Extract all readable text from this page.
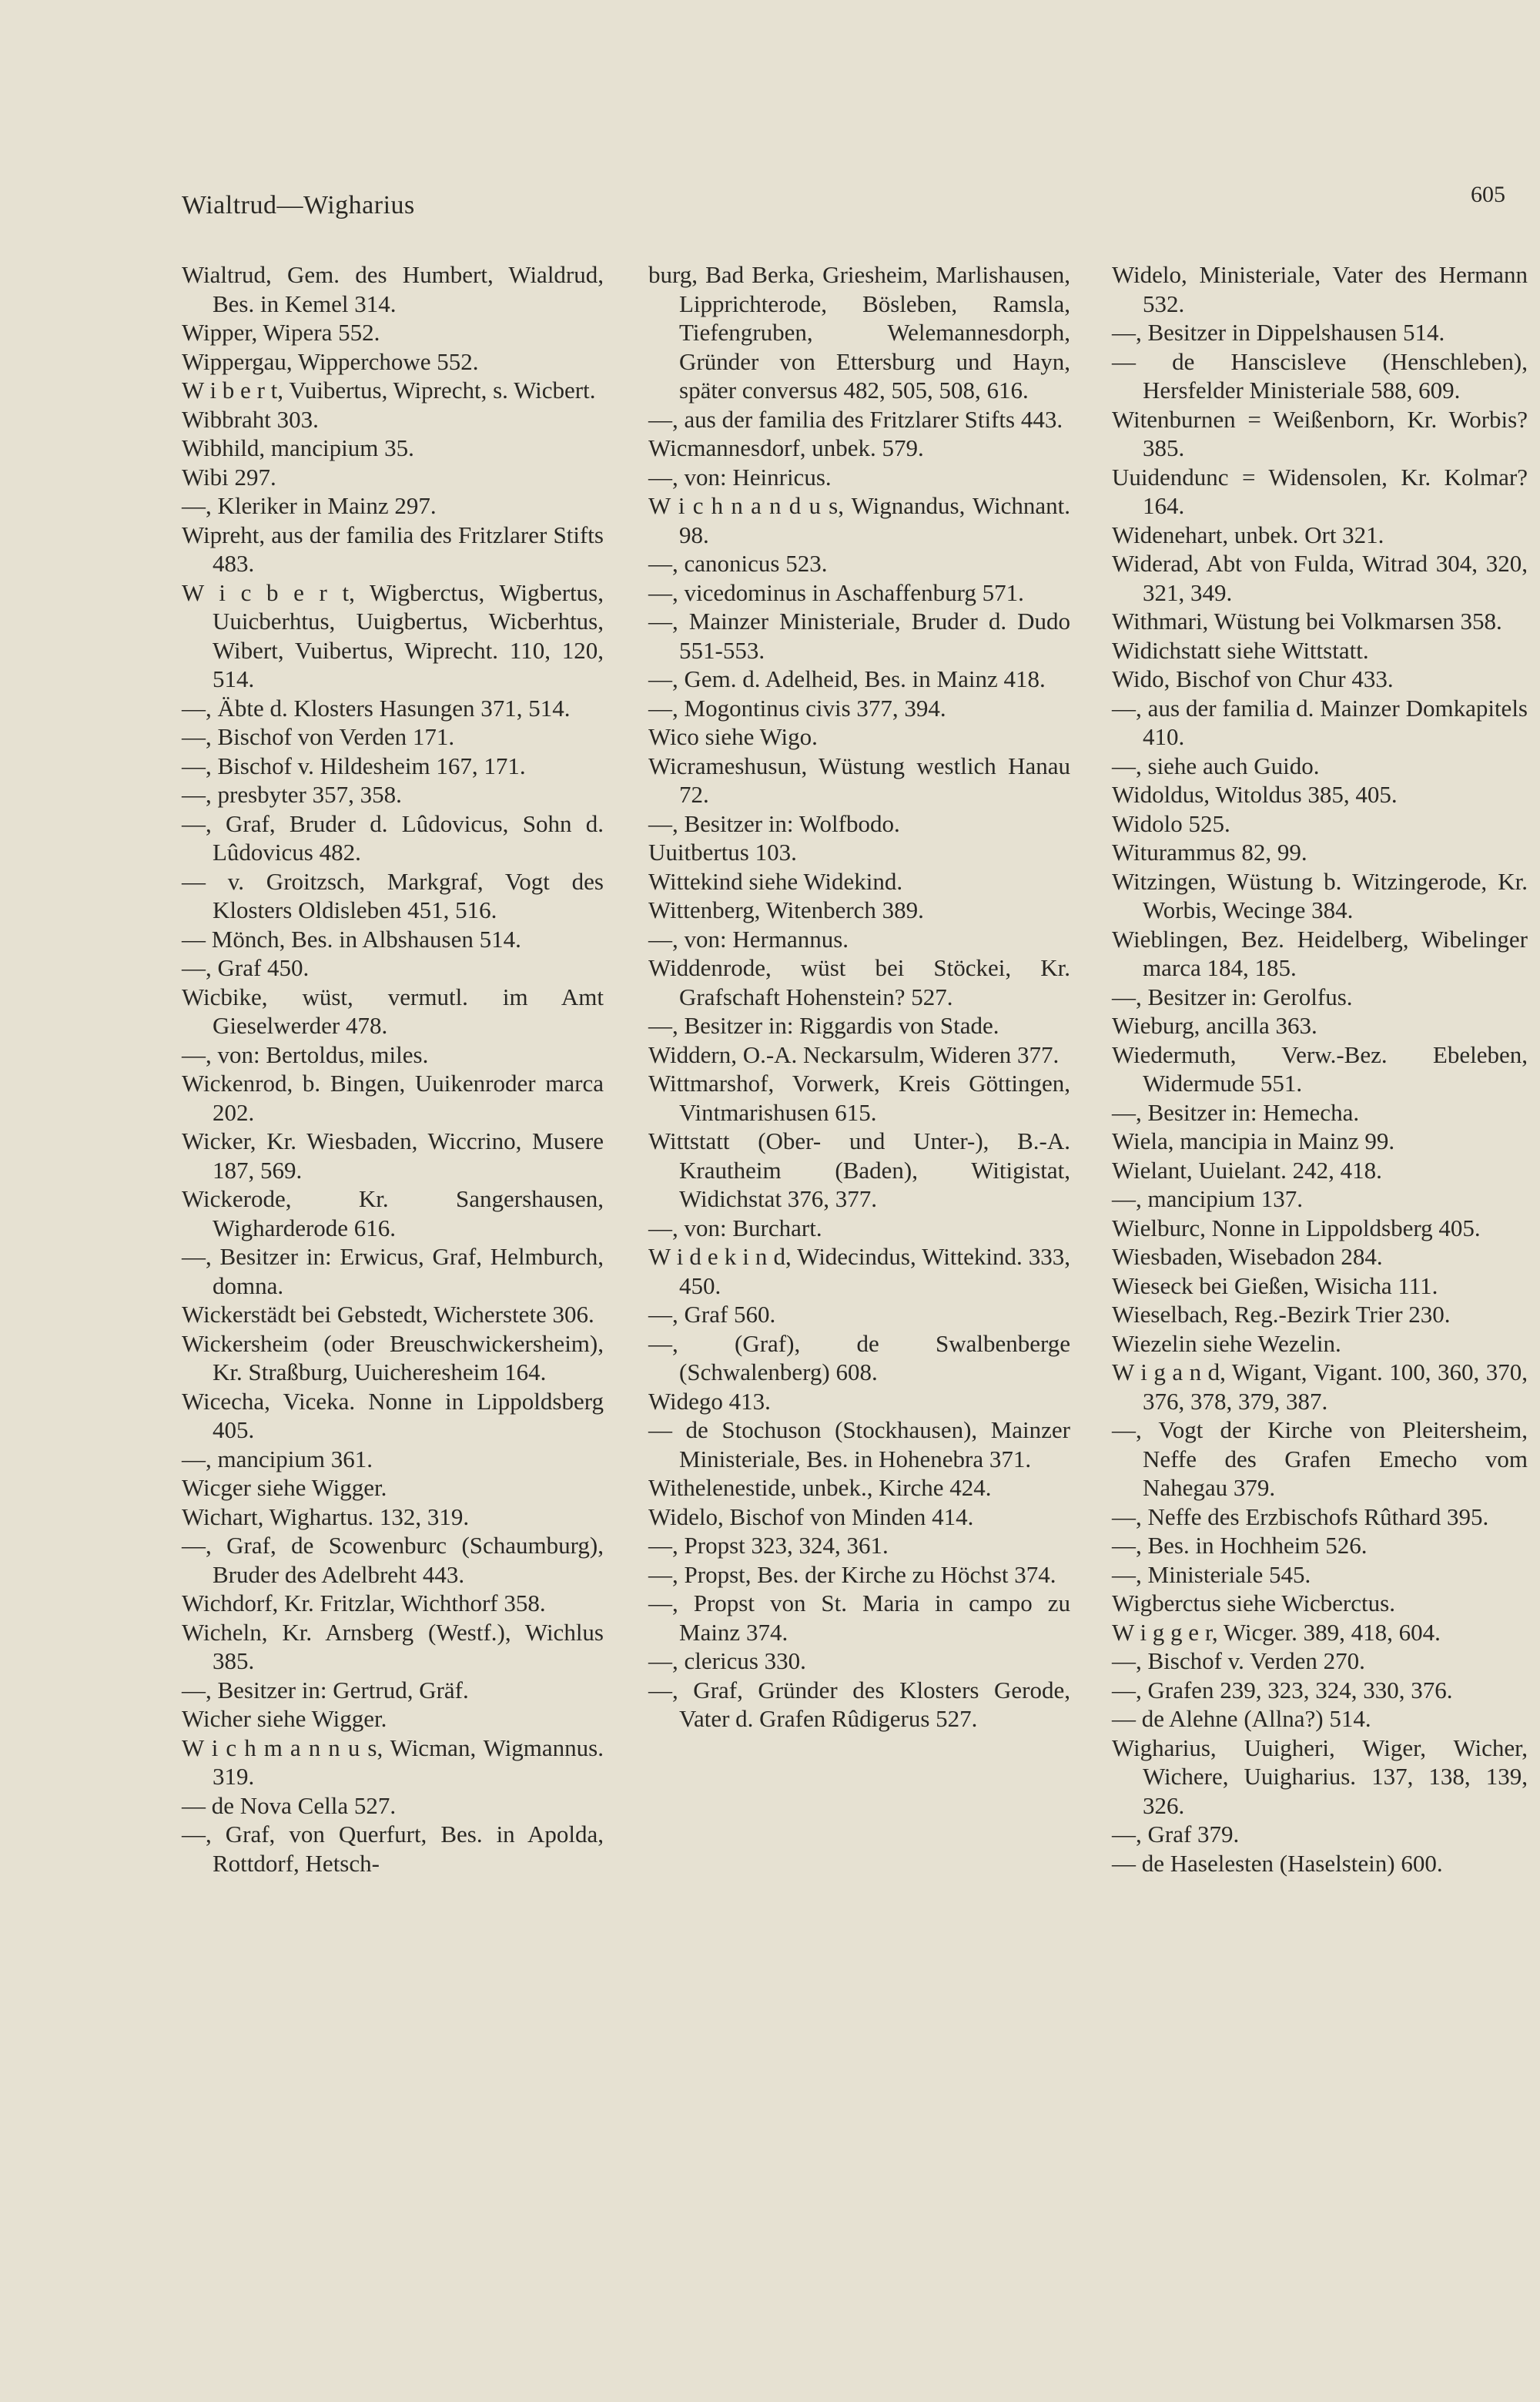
Wialtrud—Wigharius	605
Wialtrud, Gem. des Humbert, Wialdrud, Bes. in Kemel 314.
Wipper, Wipera 552.
Wippergau, Wipperchowe 552.
W i b e r t, Vuibertus, Wiprecht, s. Wicbert.
Wibbraht 303.
Wibhild, mancipium 35.
Wibi 297.
—, Kleriker in Mainz 297.
Wipreht, aus der familia des Fritzlarer Stifts 483.
W i c b e r t, Wigberctus, Wigbertus, Uuicberhtus, Uuigbertus, Wicberhtus, Wibert, Vuibertus, Wiprecht. 110, 120, 514.
—, Äbte d. Klosters Hasungen 371, 514.
—, Bischof von Verden 171.
—, Bischof v. Hildesheim 167, 171.
—, presbyter 357, 358.
—, Graf, Bruder d. Lûdovicus, Sohn d. Lûdovicus 482.
— v. Groitzsch, Markgraf, Vogt des Klosters Oldisleben 451, 516.
— Mönch, Bes. in Albshausen 514.
—, Graf 450.
Wicbike, wüst, vermutl. im Amt Gieselwerder 478.
—, von: Bertoldus, miles.
Wickenrod, b. Bingen, Uuikenroder marca 202.
Wicker, Kr. Wiesbaden, Wiccrino, Musere 187, 569.
Wickerode, Kr. Sangershausen, Wigharderode 616.
—, Besitzer in: Erwicus, Graf, Helmburch, domna.
Wickerstädt bei Gebstedt, Wicherstete 306.
Wickersheim (oder Breuschwickersheim), Kr. Straßburg, Uuicheresheim 164.
Wicecha, Viceka. Nonne in Lippoldsberg 405.
—, mancipium 361.
Wicger siehe Wigger.
Wichart, Wighartus. 132, 319.
—, Graf, de Scowenburc (Schaumburg), Bruder des Adelbreht 443.
Wichdorf, Kr. Fritzlar, Wichthorf 358.
Wicheln, Kr. Arnsberg (Westf.), Wichlus 385.
—, Besitzer in: Gertrud, Gräf.
Wicher siehe Wigger.
W i c h m a n n u s, Wicman, Wigmannus. 319.
— de Nova Cella 527.
—, Graf, von Querfurt, Bes. in Apolda, Rottdorf, Hetsch-
burg, Bad Berka, Griesheim, Marlishausen, Lipprichterode, Bösleben, Ramsla, Tiefengruben, Welemannesdorph, Gründer von Ettersburg und Hayn, später conversus 482, 505, 508, 616.
—, aus der familia des Fritzlarer Stifts 443.
Wicmannesdorf, unbek. 579.
—, von: Heinricus.
W i c h n a n d u s, Wignandus, Wichnant. 98.
—, canonicus 523.
—, vicedominus in Aschaffenburg 571.
—, Mainzer Ministeriale, Bruder d. Dudo 551-553.
—, Gem. d. Adelheid, Bes. in Mainz 418.
—, Mogontinus civis 377, 394.
Wico siehe Wigo.
Wicrameshusun, Wüstung westlich Hanau 72.
—, Besitzer in: Wolfbodo.
Uuitbertus 103.
Wittekind siehe Widekind.
Wittenberg, Witenberch 389.
—, von: Hermannus.
Widdenrode, wüst bei Stöckei, Kr. Grafschaft Hohenstein? 527.
—, Besitzer in: Riggardis von Stade.
Widdern, O.-A. Neckarsulm, Wideren 377.
Wittmarshof, Vorwerk, Kreis Göttingen, Vintmarishusen 615.
Wittstatt (Ober- und Unter-), B.-A. Krautheim (Baden), Witigistat, Widichstat 376, 377.
—, von: Burchart.
W i d e k i n d, Widecindus, Wittekind. 333, 450.
—, Graf 560.
—, (Graf), de Swalbenberge (Schwalenberg) 608.
Widego 413.
— de Stochuson (Stockhausen), Mainzer Ministeriale, Bes. in Hohenebra 371.
Withelenestide, unbek., Kirche 424.
Widelo, Bischof von Minden 414.
—, Propst 323, 324, 361.
—, Propst, Bes. der Kirche zu Höchst 374.
—, Propst von St. Maria in campo zu Mainz 374.
—, clericus 330.
—, Graf, Gründer des Klosters Gerode, Vater d. Grafen Rûdigerus 527.
Widelo, Ministeriale, Vater des Hermann 532.
—, Besitzer in Dippelshausen 514.
— de Hanscisleve (Henschleben), Hersfelder Ministeriale 588, 609.
Witenburnen = Weißenborn, Kr. Worbis? 385.
Uuidendunc = Widensolen, Kr. Kolmar? 164.
Widenehart, unbek. Ort 321.
Widerad, Abt von Fulda, Witrad 304, 320, 321, 349.
Withmari, Wüstung bei Volkmarsen 358.
Widichstatt siehe Wittstatt.
Wido, Bischof von Chur 433.
—, aus der familia d. Mainzer Domkapitels 410.
—, siehe auch Guido.
Widoldus, Witoldus 385, 405.
Widolo 525.
Witurammus 82, 99.
Witzingen, Wüstung b. Witzingerode, Kr. Worbis, Wecinge 384.
Wieblingen, Bez. Heidelberg, Wibelinger marca 184, 185.
—, Besitzer in: Gerolfus.
Wieburg, ancilla 363.
Wiedermuth, Verw.-Bez. Ebeleben, Widermude 551.
—, Besitzer in: Hemecha.
Wiela, mancipia in Mainz 99.
Wielant, Uuielant. 242, 418.
—, mancipium 137.
Wielburc, Nonne in Lippoldsberg 405.
Wiesbaden, Wisebadon 284.
Wieseck bei Gießen, Wisicha 111.
Wieselbach, Reg.-Bezirk Trier 230.
Wiezelin siehe Wezelin.
W i g a n d, Wigant, Vigant. 100, 360, 370, 376, 378, 379, 387.
—, Vogt der Kirche von Pleitersheim, Neffe des Grafen Emecho vom Nahegau 379.
—, Neffe des Erzbischofs Rûthard 395.
—, Bes. in Hochheim 526.
—, Ministeriale 545.
Wigberctus siehe Wicberctus.
W i g g e r, Wicger. 389, 418, 604.
—, Bischof v. Verden 270.
—, Grafen 239, 323, 324, 330, 376.
— de Alehne (Allna?) 514.
Wigharius, Uuigheri, Wiger, Wicher, Wichere, Uuigharius. 137, 138, 139, 326.
—, Graf 379.
— de Haselesten (Haselstein) 600.
